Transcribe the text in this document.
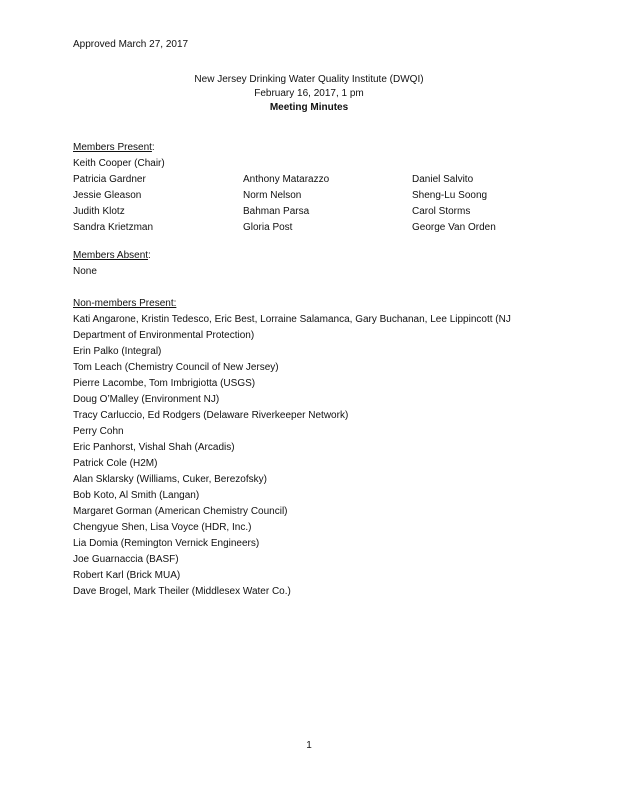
Approved March 27, 2017
New Jersey Drinking Water Quality Institute (DWQI)
February 16, 2017, 1 pm
Meeting Minutes
Members Present:
Keith Cooper (Chair)
Patricia Gardner
Jessie Gleason
Judith Klotz
Sandra Krietzman
Anthony Matarazzo
Norm Nelson
Bahman Parsa
Gloria Post
Daniel Salvito
Sheng-Lu Soong
Carol Storms
George Van Orden
Members Absent:
None
Non-members Present:
Kati Angarone, Kristin Tedesco, Eric Best, Lorraine Salamanca, Gary Buchanan, Lee Lippincott (NJ
Department of Environmental Protection)
Erin Palko (Integral)
Tom Leach (Chemistry Council of New Jersey)
Pierre Lacombe, Tom Imbrigiotta (USGS)
Doug O’Malley (Environment NJ)
Tracy Carluccio, Ed Rodgers (Delaware Riverkeeper Network)
Perry Cohn
Eric Panhorst, Vishal Shah (Arcadis)
Patrick Cole (H2M)
Alan Sklarsky (Williams, Cuker, Berezofsky)
Bob Koto, Al Smith (Langan)
Margaret Gorman (American Chemistry Council)
Chengyue Shen, Lisa Voyce (HDR, Inc.)
Lia Domia (Remington Vernick Engineers)
Joe Guarnaccia (BASF)
Robert Karl (Brick MUA)
Dave Brogel, Mark Theiler (Middlesex Water Co.)
1
